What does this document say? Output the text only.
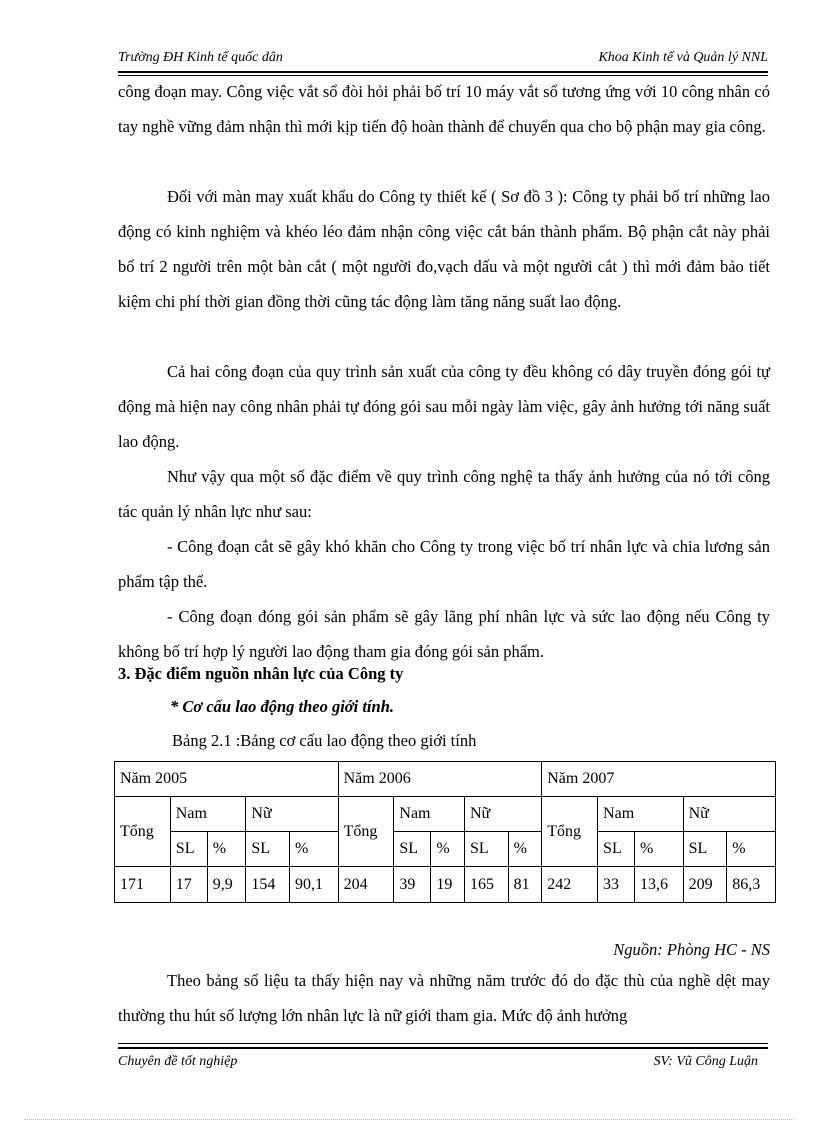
Trường ĐH Kinh tế quốc dân	Khoa Kinh tế và Quản lý NNL
công đoạn may. Công việc vắt sổ đòi hỏi phải bố trí 10 máy vắt sổ tương ứng với 10 công nhân có tay nghề vững đảm nhận thì mới kịp tiến độ hoàn thành để chuyển qua cho bộ phận may gia công.
Đối với màn may xuất khẩu do Công ty thiết kế ( Sơ đồ 3 ): Công ty phải bố trí những lao động có kinh nghiệm và khéo léo đảm nhận công việc cắt bán thành phẩm. Bộ phận cắt này phải bố trí 2 người trên một bàn cắt ( một người đo,vạch dấu và một người cắt ) thì mới đảm bảo tiết kiệm chi phí thời gian đồng thời cũng tác động làm tăng năng suất lao động.
Cả hai công đoạn của quy trình sản xuất của công ty đều không có dây truyền đóng gói tự động mà hiện nay công nhân phải tự đóng gói sau mỗi ngày làm việc, gây ảnh hưởng tới năng suất lao động.
Như vậy qua một số đặc điểm về quy trình công nghệ ta thấy ảnh hưởng của nó tới công tác quản lý nhân lực như sau:
- Công đoạn cắt sẽ gây khó khăn cho Công ty trong việc bố trí nhân lực và chia lương sản phẩm tập thể.
- Công đoạn đóng gói sản phẩm sẽ gây lãng phí nhân lực và sức lao động nếu Công ty không bố trí hợp lý người lao động tham gia đóng gói sản phẩm.
3. Đặc điểm nguồn nhân lực của Công ty
* Cơ cấu lao động theo giới tính.
Bảng 2.1 :Bảng cơ cấu lao động theo giới tính
Năm 2005					Năm 2006					Năm 2007				
Tổng	Nam		Nữ		Tổng	Nam		Nữ		Tổng	Nam		Nữ	
	SL	%	SL	%		SL	%	SL	%		SL	%	SL	%
171	17	9,9	154	90,1	204	39	19	165	81	242	33	13,6	209	86,3
Nguồn: Phòng HC - NS
Theo bảng số liệu ta thấy hiện nay và những năm trước đó do đặc thù của nghề dệt may thường thu hút số lượng lớn nhân lực là nữ giới tham gia. Mức độ ảnh hưởng
Chuyên đề tốt nghiệp	SV: Vũ Công Luận
